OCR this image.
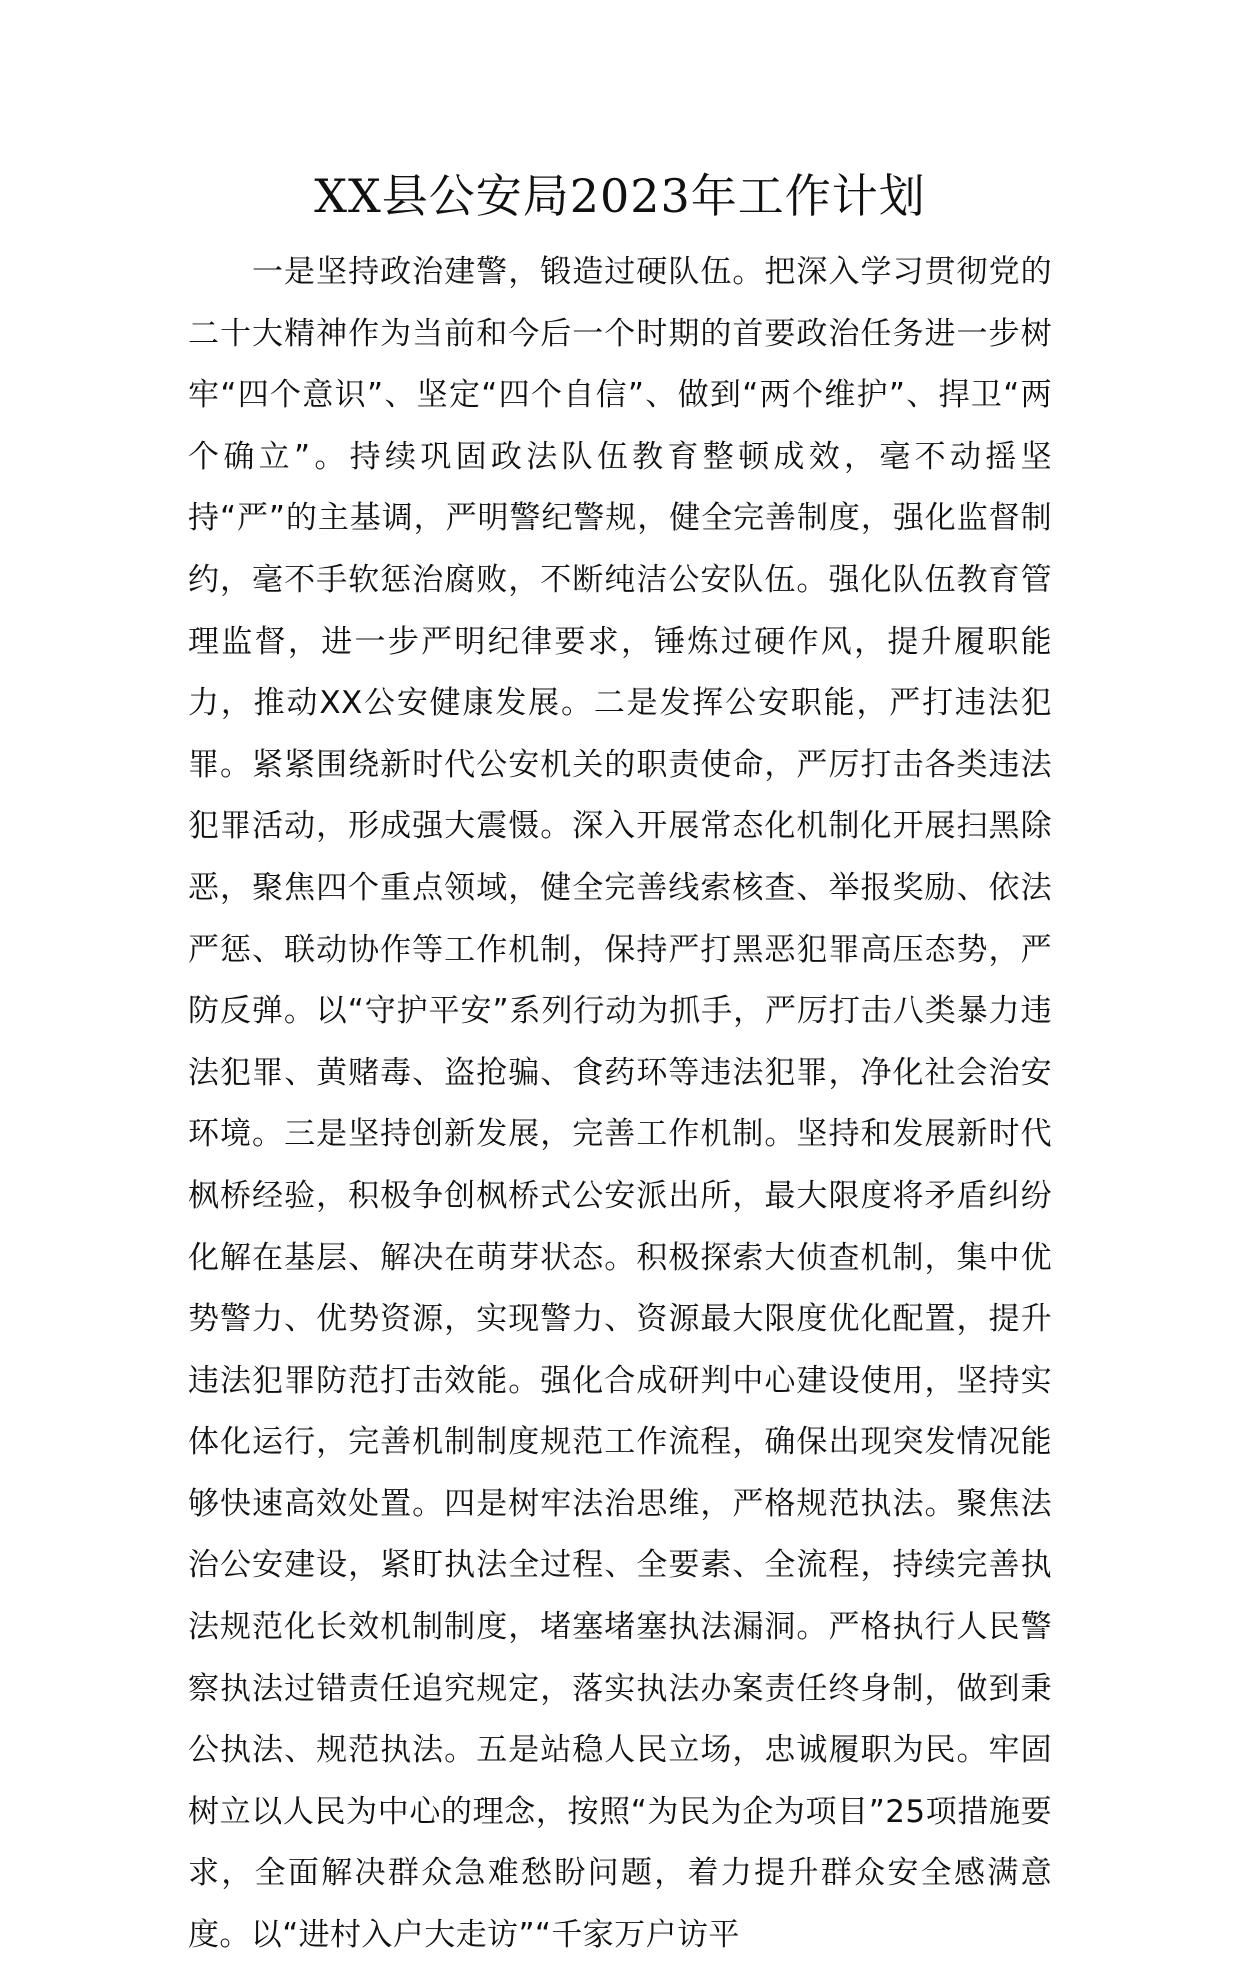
XX县公安局2023年工作计划

一是坚持政治建警，锻造过硬队伍。把深入学习贯彻党的二十大精神作为当前和今后一个时期的首要政治任务进一步树牢“四个意识”、坚定“四个自信”、做到“两个维护”、捍卫“两个确立”。持续巩固政法队伍教育整顿成效，毫不动摇坚持“严”的主基调，严明警纪警规，健全完善制度，强化监督制约，毫不手软惩治腐败，不断纯洁公安队伍。强化队伍教育管理监督，进一步严明纪律要求，锤炼过硬作风，提升履职能力，推动XX公安健康发展。二是发挥公安职能，严打违法犯罪。紧紧围绕新时代公安机关的职责使命，严厉打击各类违法犯罪活动，形成强大震慑。深入开展常态化机制化开展扫黑除恶，聚焦四个重点领域，健全完善线索核查、举报奖励、依法严惩、联动协作等工作机制，保持严打黑恶犯罪高压态势，严防反弹。以“守护平安”系列行动为抓手，严厉打击八类暴力违法犯罪、黄赌毒、盗抢骗、食药环等违法犯罪，净化社会治安环境。三是坚持创新发展，完善工作机制。坚持和发展新时代枫桥经验，积极争创枫桥式公安派出所，最大限度将矛盾纠纷化解在基层、解决在萌芽状态。积极探索大侦查机制，集中优势警力、优势资源，实现警力、资源最大限度优化配置，提升违法犯罪防范打击效能。强化合成研判中心建设使用，坚持实体化运行，完善机制制度规范工作流程，确保出现突发情况能够快速高效处置。四是树牢法治思维，严格规范执法。聚焦法治公安建设，紧盯执法全过程、全要素、全流程，持续完善执法规范化长效机制制度，堵塞堵塞执法漏洞。严格执行人民警察执法过错责任追究规定，落实执法办案责任终身制，做到秉公执法、规范执法。五是站稳人民立场，忠诚履职为民。牢固树立以人民为中心的理念，按照“为民为企为项目”25项措施要求，全面解决群众急难愁盼问题，着力提升群众安全感满意度。以“进村入户大走访”“千家万户访平
